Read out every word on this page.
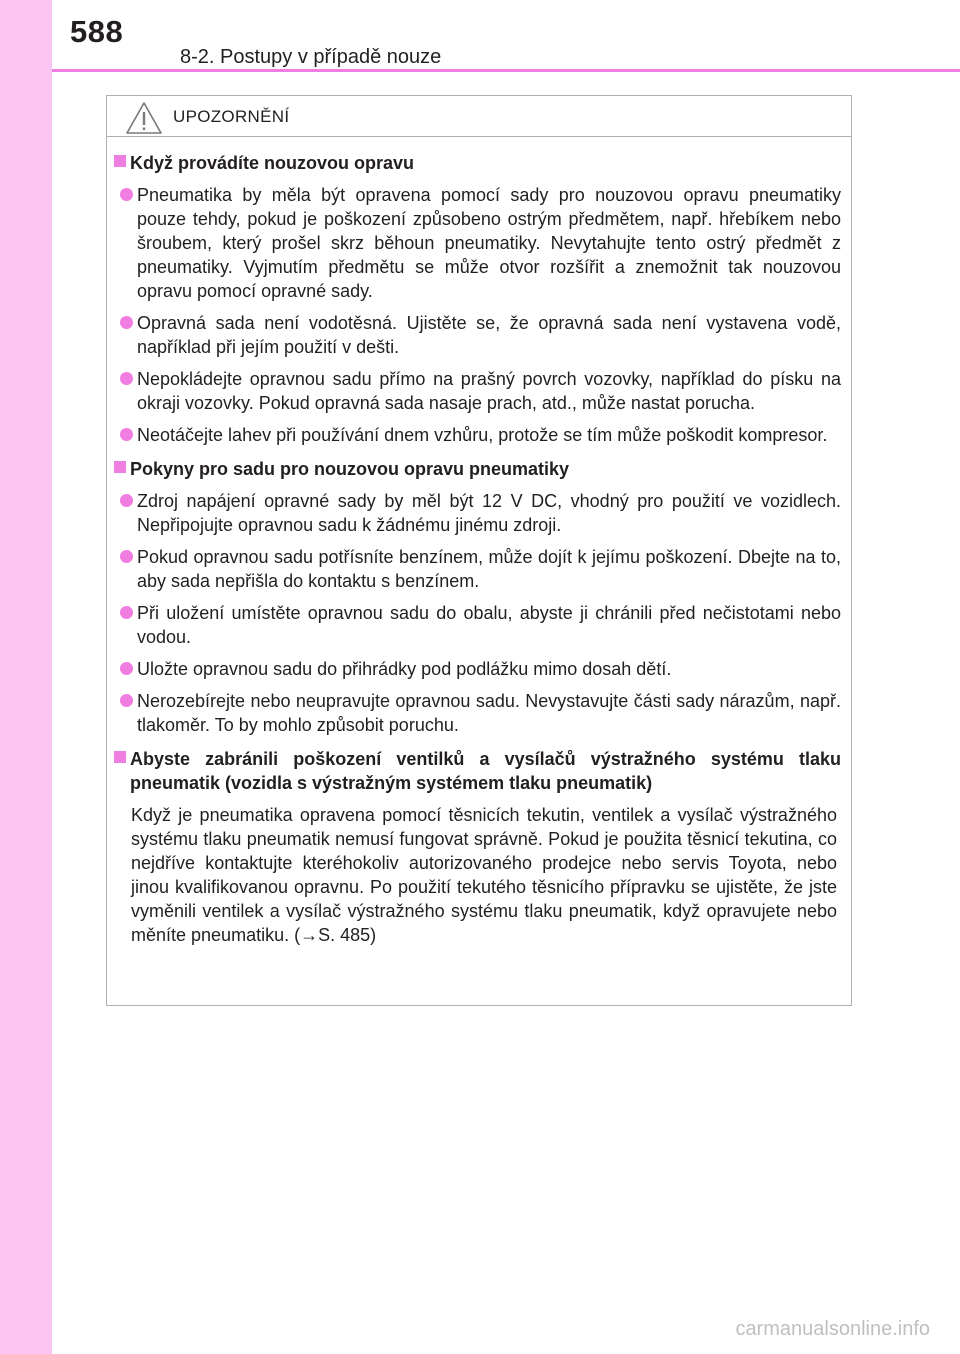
588
8-2. Postupy v případě nouze
UPOZORNĚNÍ
Když provádíte nouzovou opravu
Pneumatika by měla být opravena pomocí sady pro nouzovou opravu pneumatiky pouze tehdy, pokud je poškození způsobeno ostrým předmětem, např. hřebíkem nebo šroubem, který prošel skrz běhoun pneumatiky. Nevytahujte tento ostrý předmět z pneumatiky. Vyjmutím předmětu se může otvor rozšířit a znemožnit tak nouzovou opravu pomocí opravné sady.
Opravná sada není vodotěsná. Ujistěte se, že opravná sada není vystavena vodě, například při jejím použití v dešti.
Nepokládejte opravnou sadu přímo na prašný povrch vozovky, například do písku na okraji vozovky. Pokud opravná sada nasaje prach, atd., může nastat porucha.
Neotáčejte lahev při používání dnem vzhůru, protože se tím může poškodit kompresor.
Pokyny pro sadu pro nouzovou opravu pneumatiky
Zdroj napájení opravné sady by měl být 12 V DC, vhodný pro použití ve vozidlech. Nepřipojujte opravnou sadu k žádnému jinému zdroji.
Pokud opravnou sadu potřísníte benzínem, může dojít k jejímu poškození. Dbejte na to, aby sada nepřišla do kontaktu s benzínem.
Při uložení umístěte opravnou sadu do obalu, abyste ji chránili před nečistotami nebo vodou.
Uložte opravnou sadu do přihrádky pod podlážku mimo dosah dětí.
Nerozebírejte nebo neupravujte opravnou sadu. Nevystavujte části sady nárazům, např. tlakoměr. To by mohlo způsobit poruchu.
Abyste zabránili poškození ventilků a vysílačů výstražného systému tlaku pneumatik (vozidla s výstražným systémem tlaku pneumatik)
Když je pneumatika opravena pomocí těsnicích tekutin, ventilek a vysílač výstražného systému tlaku pneumatik nemusí fungovat správně. Pokud je použita těsnicí tekutina, co nejdříve kontaktujte kteréhokoliv autorizovaného prodejce nebo servis Toyota, nebo jinou kvalifikovanou opravnu. Po použití tekutého těsnicího přípravku se ujistěte, že jste vyměnili ventilek a vysílač výstražného systému tlaku pneumatik, když opravujete nebo měníte pneumatiku. (→S. 485)
carmanualsonline.info
